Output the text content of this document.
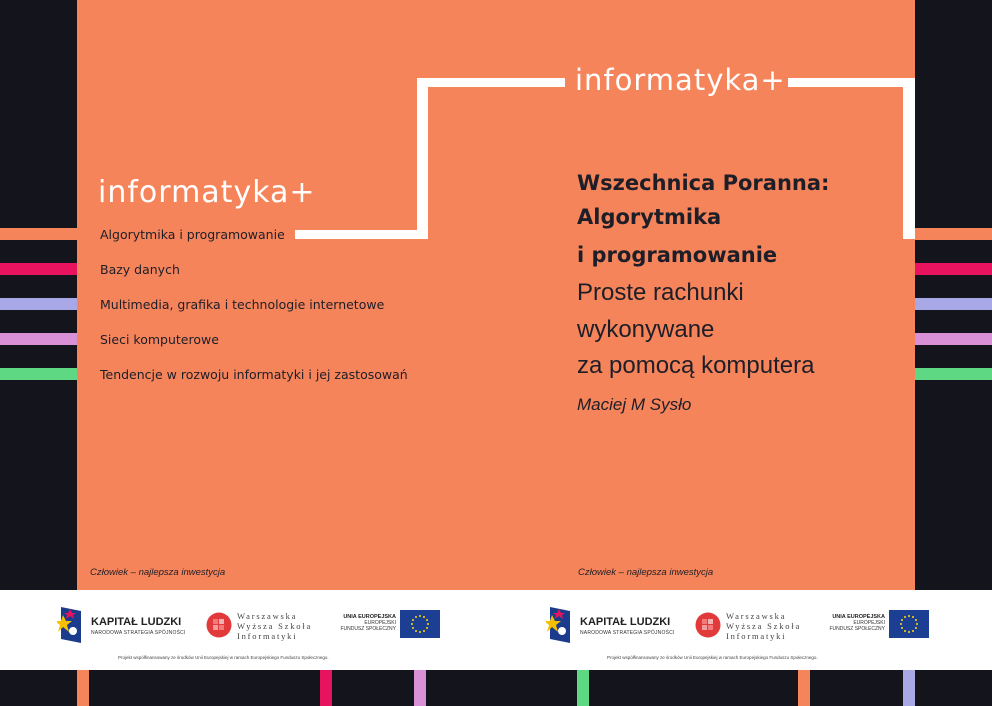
informatyka+
informatyka+
Algorytmika i programowanie
Bazy danych
Multimedia, grafika i technologie internetowe
Sieci komputerowe
Tendencje w rozwoju informatyki i jej zastosowań
Wszechnica Poranna:
Algorytmika
i programowanie
Proste rachunki
wykonywane
za pomocą komputera
Maciej M Sysło
Człowiek – najlepsza inwestycja	Człowiek – najlepsza inwestycja
KAPITAŁ LUDZKI
NARODOWA STRATEGIA SPÓJNOŚCI
Warszawska
Wyższa Szkoła
Informatyki
UNIA EUROPEJSKA
EUROPEJSKI
FUNDUSZ SPOŁECZNY
Projekt współfinansowany ze środków Unii Europejskiej w ramach Europejskiego Funduszu Społecznego.
KAPITAŁ LUDZKI
NARODOWA STRATEGIA SPÓJNOŚCI
Warszawska
Wyższa Szkoła
Informatyki
UNIA EUROPEJSKA
EUROPEJSKI
FUNDUSZ SPOŁECZNY
Projekt współfinansowany ze środków Unii Europejskiej w ramach Europejskiego Funduszu Społecznego.
